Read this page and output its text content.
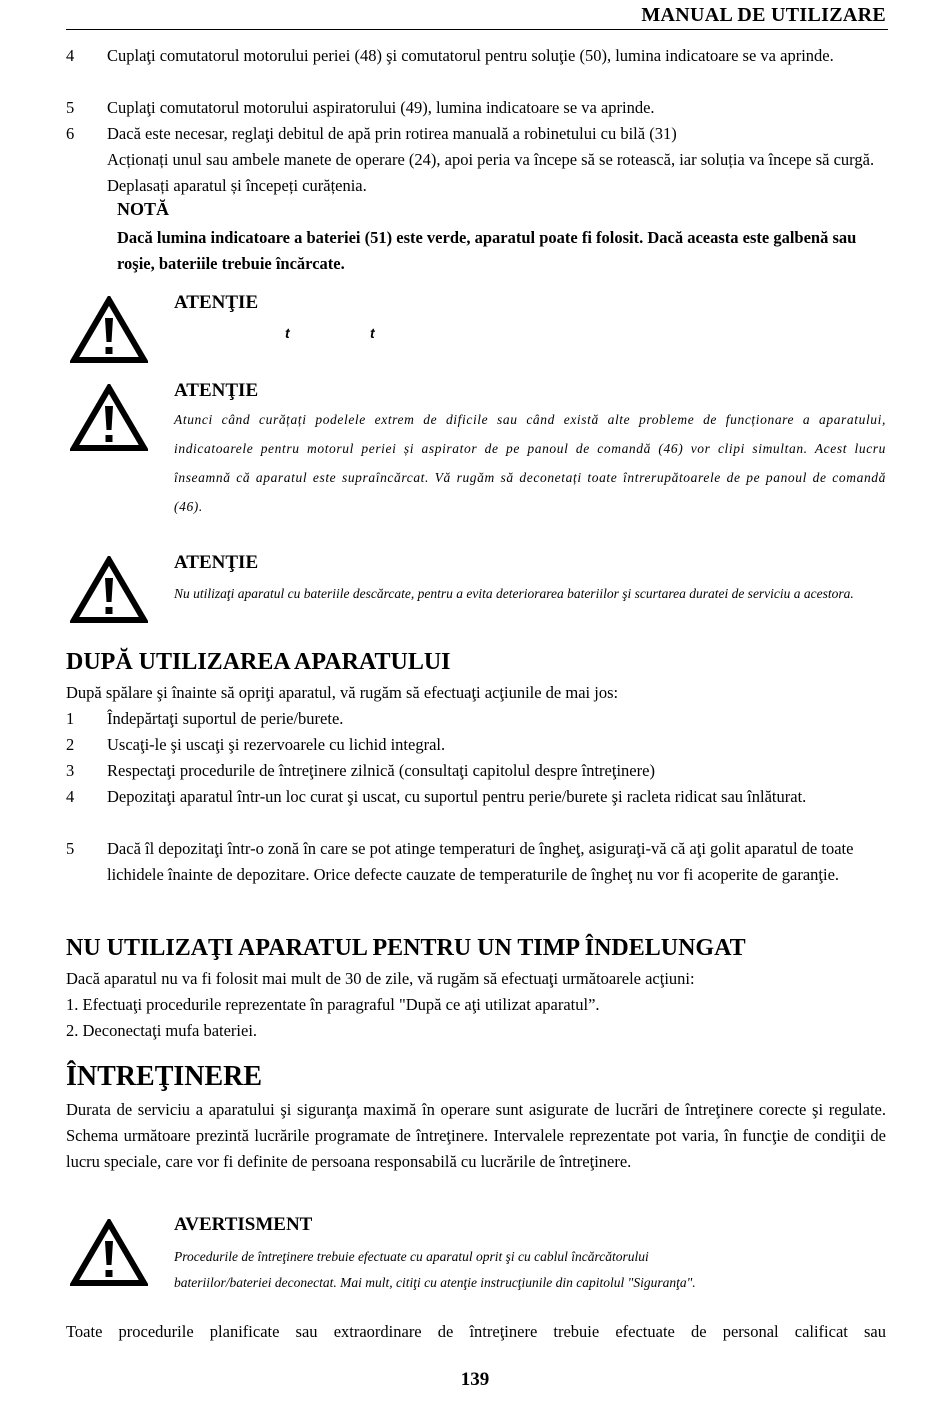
MANUAL DE UTILIZARE
4 Cuplaţi comutatorul motorului periei (48) şi comutatorul pentru soluţie (50), lumina indicatoare se va aprinde.
5 Cuplaţi comutatorul motorului aspiratorului (49), lumina indicatoare se va aprinde.
6 Dacă este necesar, reglaţi debitul de apă prin rotirea manuală a robinetului cu bilă (31)
Acționați unul sau ambele manete de operare (24), apoi peria va începe să se rotească, iar soluția va începe să curgă. Deplasați aparatul și începeți curățenia.
NOTĂ
Dacă lumina indicatoare a bateriei (51) este verde, aparatul poate fi folosit. Dacă aceasta este galbenă sau roşie, bateriile trebuie încărcate.
ATENŢIE
t	t
ATENŢIE
Atunci când curățați podelele extrem de dificile sau când există alte probleme de funcționare a aparatului, indicatoarele pentru motorul periei și aspirator de pe panoul de comandă (46) vor clipi simultan. Acest lucru înseamnă că aparatul este supraîncărcat. Vă rugăm să deconetați toate întrerupătoarele de pe panoul de comandă (46).
ATENŢIE
Nu utilizaţi aparatul cu bateriile descărcate, pentru a evita deteriorarea bateriilor şi scurtarea duratei de serviciu a acestora.
DUPĂ UTILIZAREA APARATULUI
După spălare şi înainte să opriţi aparatul, vă rugăm să efectuaţi acţiunile de mai jos:
1 Îndepărtaţi suportul de perie/burete.
2 Uscaţi-le şi uscaţi şi rezervoarele cu lichid integral.
3 Respectaţi procedurile de întreţinere zilnică (consultaţi capitolul despre întreţinere)
4 Depozitaţi aparatul într-un loc curat şi uscat, cu suportul pentru perie/burete şi racleta ridicat sau înlăturat.
5 Dacă îl depozitaţi într-o zonă în care se pot atinge temperaturi de îngheţ, asiguraţi-vă că aţi golit aparatul de toate lichidele înainte de depozitare. Orice defecte cauzate de temperaturile de îngheţ nu vor fi acoperite de garanţie.
NU UTILIZAŢI APARATUL PENTRU UN TIMP ÎNDELUNGAT
Dacă aparatul nu va fi folosit mai mult de 30 de zile, vă rugăm să efectuaţi următoarele acţiuni:
1. Efectuaţi procedurile reprezentate în paragraful "După ce aţi utilizat aparatul”.
2. Deconectaţi mufa bateriei.
ÎNTREŢINERE
Durata de serviciu a aparatului şi siguranţa maximă în operare sunt asigurate de lucrări de întreţinere corecte şi regulate. Schema următoare prezintă lucrările programate de întreţinere. Intervalele reprezentate pot varia, în funcţie de condiţii de lucru speciale, care vor fi definite de persoana responsabilă cu lucrările de întreţinere.
AVERTISMENT
Procedurile de întreţinere trebuie efectuate cu aparatul oprit şi cu cablul încărcătorului
bateriilor/bateriei deconectat. Mai mult, citiţi cu atenţie instrucţiunile din capitolul "Siguranţa".
Toate procedurile planificate sau extraordinare de întreţinere trebuie efectuate de personal calificat sau
139
